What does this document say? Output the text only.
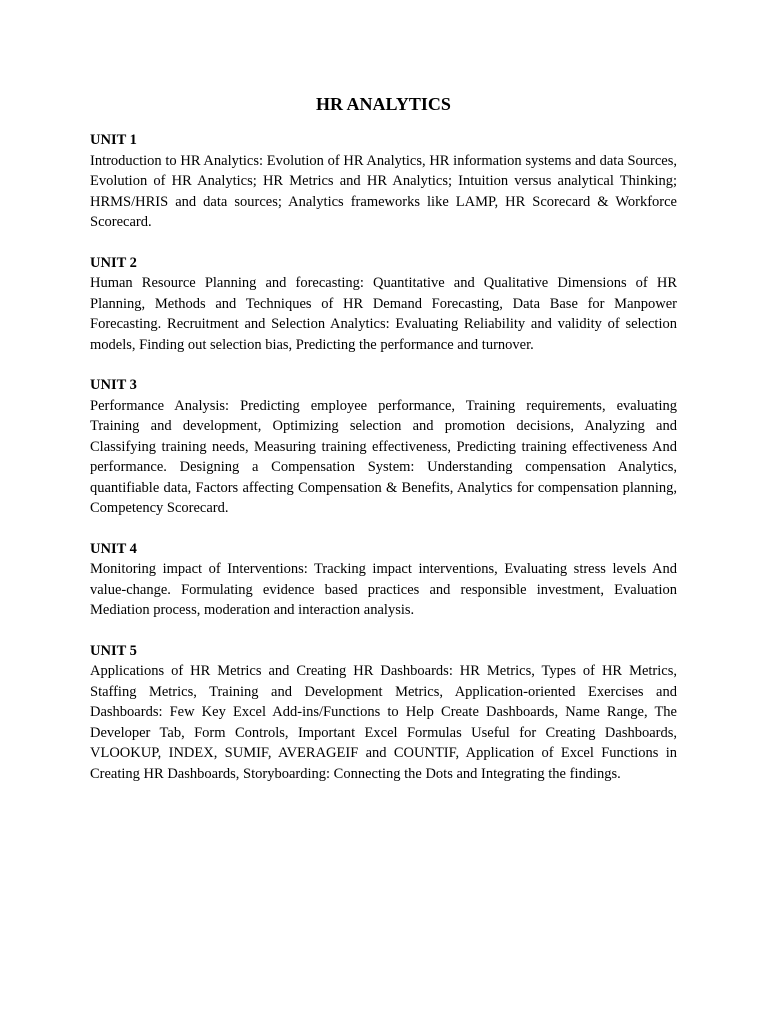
HR ANALYTICS

UNIT 1

Introduction to HR Analytics: Evolution of HR Analytics, HR information systems and data Sources, Evolution of HR Analytics; HR Metrics and HR Analytics; Intuition versus analytical Thinking; HRMS/HRIS and data sources; Analytics frameworks like LAMP, HR Scorecard & Workforce Scorecard.

UNIT 2

Human Resource Planning and forecasting: Quantitative and Qualitative Dimensions of HR Planning, Methods and Techniques of HR Demand Forecasting, Data Base for Manpower Forecasting. Recruitment and Selection Analytics: Evaluating Reliability and validity of selection models, Finding out selection bias, Predicting the performance and turnover.

UNIT 3

Performance Analysis: Predicting employee performance, Training requirements, evaluating Training and development, Optimizing selection and promotion decisions, Analyzing and Classifying training needs, Measuring training effectiveness, Predicting training effectiveness And performance. Designing a Compensation System: Understanding compensation Analytics, quantifiable data, Factors affecting Compensation & Benefits, Analytics for compensation planning, Competency Scorecard.

UNIT 4

Monitoring impact of Interventions: Tracking impact interventions, Evaluating stress levels And value-change. Formulating evidence based practices and responsible investment, Evaluation Mediation process, moderation and interaction analysis.

UNIT 5

Applications of HR Metrics and Creating HR Dashboards: HR Metrics, Types of HR Metrics, Staffing Metrics, Training and Development Metrics, Application-oriented Exercises and Dashboards: Few Key Excel Add-ins/Functions to Help Create Dashboards, Name Range, The Developer Tab, Form Controls, Important Excel Formulas Useful for Creating Dashboards, VLOOKUP, INDEX, SUMIF, AVERAGEIF and COUNTIF, Application of Excel Functions in Creating HR Dashboards, Storyboarding: Connecting the Dots and Integrating the findings.
